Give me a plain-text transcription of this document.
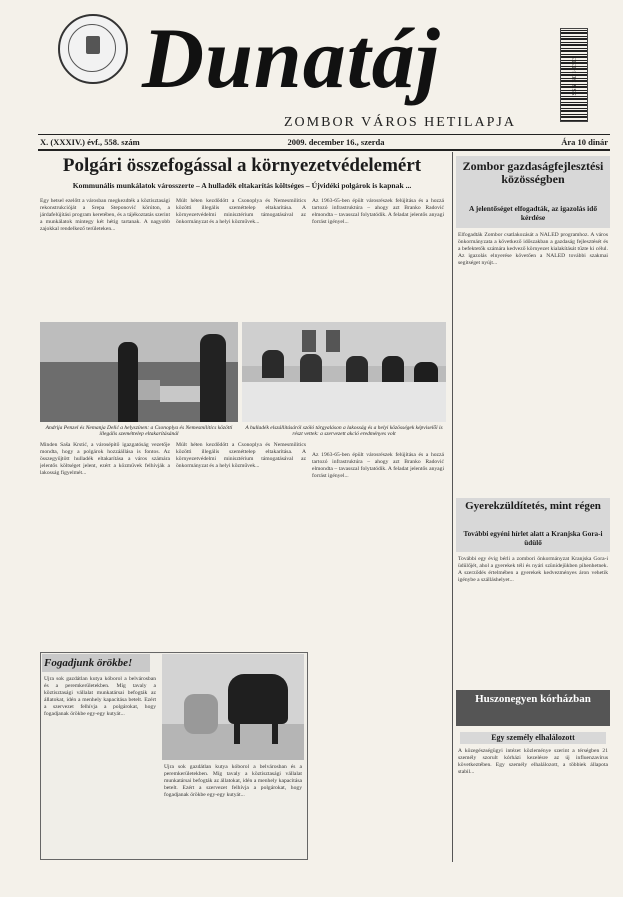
Dunatáj
ZOMBOR VÁROS HETILAPJA
ISSN 1821-1313
X. (XXXIV.) évf., 558. szám	2009. december 16., szerda	Ára 10 dinár
Polgári összefogással a környezetvédelemért
Kommunális munkálatok városszerte – A hulladék eltakarítás költséges – Újvidéki polgárok is kapnak ...
Egy hetsel ezelőtt a városban megkezdték a köztisztasági rekonstrukcióját a Srepa Steponović körúton, a járdafelújítási program keretében, és a tájékoztatás szerint a munkálatok mintegy két hétig tartanak. A nagyobb zajokkal rendelkező területeken...
Múlt héten kezdődött a Csonoplya és Nemesmilitics közötti illegális szeméttelep eltakarítása. A környezetvédelmi minisztérium támogatásával az önkormányzat és a helyi közművek...
Az 1963-65-ben épült városrészek felújítása és a hozzá tartozó infrastruktúra – ahogy azt Branko Radović elmondta – tavasszal folytatódik. A feladat jelentős anyagi forrást igényel...
Andrija Penzel és Nemanja Delić a helyszínen: a Csonoplya és Nemesmilitics közötti illegális szeméttelep eltakarításánál
A hulladék elszállításáról szóló tárgyaláson a lakosság és a helyi közösségek képviselői is részt vettek: a szervezett akció eredményes volt
Minden Saša Krstić, a városépítő igazgatóság vezetője mondta, hogy a polgárok hozzáállása is fontos. Az összegyűjtött hulladék eltakarítása a város számára jelentős költséget jelent, ezért a közművek felhívják a lakosság figyelmét...
Múlt héten kezdődött a Csonoplya és Nemesmilitics közötti illegális szeméttelep eltakarítása. A környezetvédelmi minisztérium támogatásával az önkormányzat és a helyi közművek...
Az 1963-65-ben épült városrészek felújítása és a hozzá tartozó infrastruktúra – ahogy azt Branko Radović elmondta – tavasszal folytatódik. A feladat jelentős anyagi forrást igényel...
Fogadjunk örökbe!
Újra sok gazdátlan kutya kóborol a belvárosban és a peremkerületekben. Míg tavaly a köztisztasági vállalat munkatársai befogták az állatokat, idén a menhely kapacitása betelt. Ezért a szervezet felhívja a polgárokat, hogy fogadjanak örökbe egy-egy kutyát...
Újra sok gazdátlan kutya kóborol a belvárosban és a peremkerületekben. Míg tavaly a köztisztasági vállalat munkatársai befogták az állatokat, idén a menhely kapacitása betelt. Ezért a szervezet felhívja a polgárokat, hogy fogadjanak örökbe egy-egy kutyát...
Zombor gazdaságfejlesztési közösségben
A jelentőséget elfogadták, az igazolás idő kérdése
Elfogadták Zombor csatlakozását a NALED programhoz. A város önkormányzata a következő időszakban a gazdaság fejlesztését és a befektetők számára kedvező környezet kialakítását tűzte ki célul. Az igazolás elnyerése követően a NALED további szakmai segítséget nyújt...
Gyerekzüldítetés, mint régen
További egyéni hírlet alatt a Kranjska Gora-i üdülő
További egy évig bérli a zombori önkormányzat Kranjska Gora-i üdülőjét, ahol a gyerekek téli és nyári szünidejükben pihenhetnek. A szerződés értelmében a gyerekek kedvezményes áron vehetik igénybe a szálláshelyet...
Huszonegyen kórházban
Egy személy elhalálozott
A közegészségügyi intézet közleménye szerint a térségben 21 személy szorult kórházi kezelésre az új influenzavírus következtében. Egy személy elhalálozott, a többiek állapota stabil...
